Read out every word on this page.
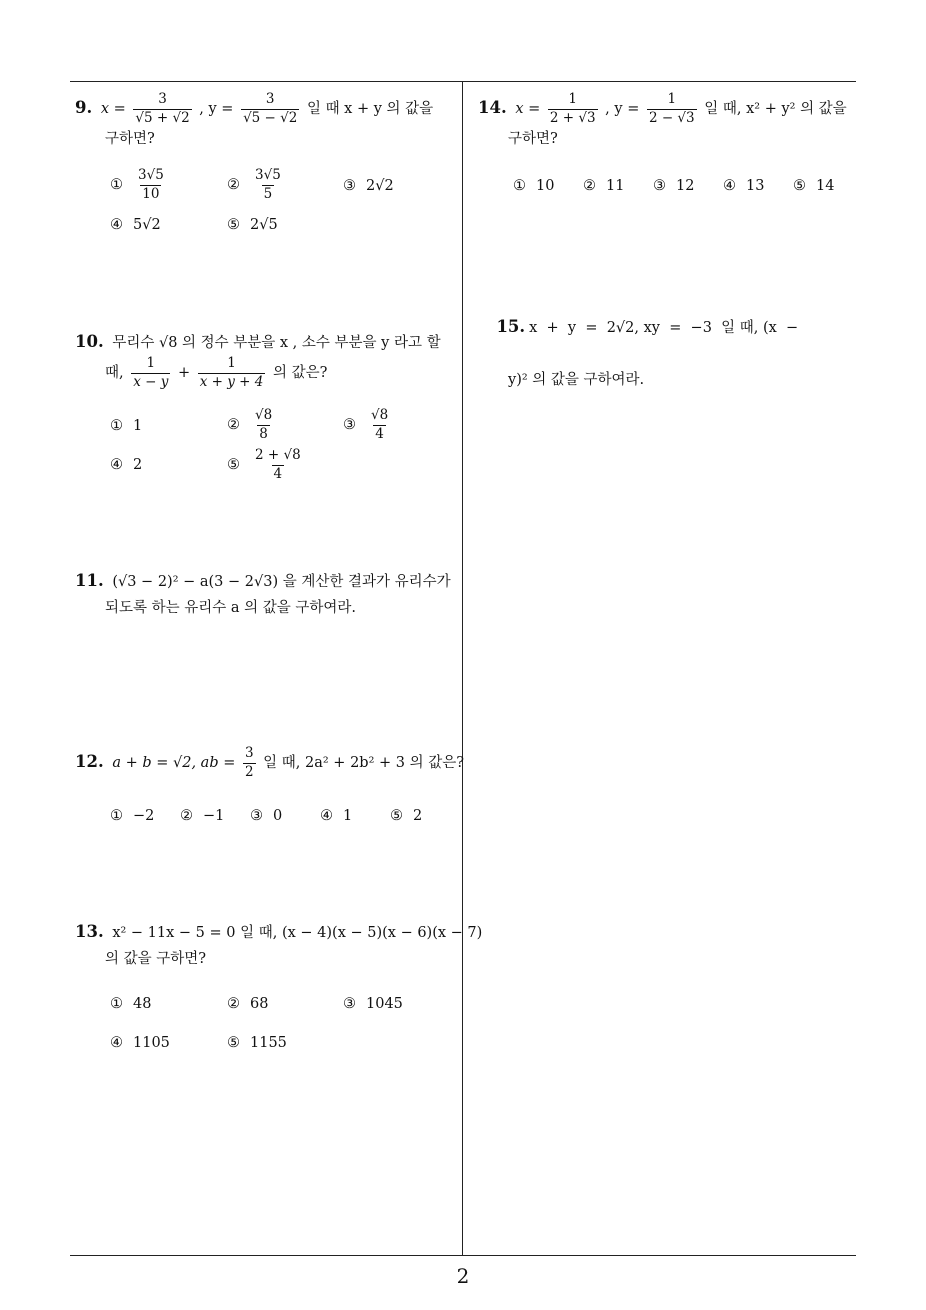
9. $x = \frac{3}{√5 + √2}$ , $y = \frac{3}{√5 - √2}$ 일 때 x + y 의 값을
구하면?
① $\frac{3√5}{10}$	② $\frac{3√5}{5}$	③ 2√2
④ 5√2	⑤ 2√5
10. 무리수 √8 의 정수 부분을 x , 소수 부분을 y 라고 할
때, $\frac{1}{x - y} + \frac{1}{x + y + 4}$ 의 값은?
① 1	② $\frac{√8}{8}$	③ $\frac{√8}{4}$
④ 2	⑤ $\frac{2 + √8}{4}$
11. (√3 − 2)² − a(3 − 2√3) 을 계산한 결과가 유리수가
되도록 하는 유리수 a 의 값을 구하여라.
12. a + b = √2, ab = $\frac{3}{2}$ 일 때, 2a² + 2b² + 3 의 값은?
① −2 ② −1 ③ 0	④ 1	⑤ 2
13. x² − 11x − 5 = 0 일 때, (x − 4)(x − 5)(x − 6)(x − 7)
의 값을 구하면?
① 48	② 68	③ 1045
④ 1105	⑤ 1155
14. $x = \frac{1}{2 + √3}$ , $y = \frac{1}{2 - √3}$ 일 때, x² + y² 의 값을
구하면?
① 10 ② 11 ③ 12 ④ 13 ⑤ 14

15. x  +  y  =  2√2, xy  =  −3  일 때, (x  −

y)² 의 값을 구하여라.
2
